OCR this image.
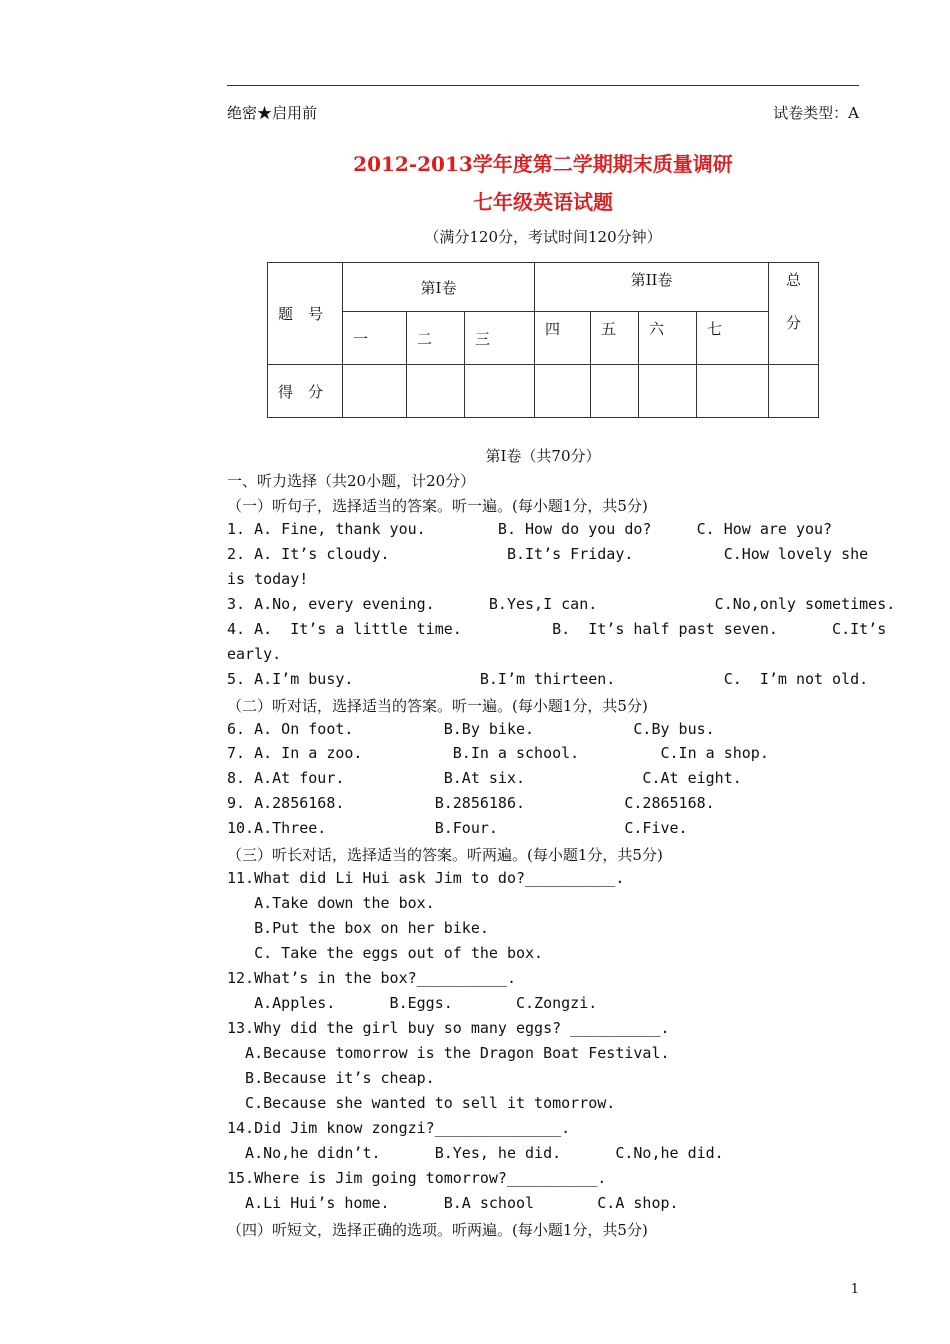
绝密★启用前	试卷类型：A
2012-2013学年度第二学期期末质量调研
七年级英语试题
（满分120分，考试时间120分钟）
题　号	第I卷			第II卷				总
分

	一	二	三	四	五	六	七	
得　分								
第I卷（共70分）
一、听力选择（共20小题，计20分）
（一）听句子，选择适当的答案。听一遍。(每小题1分，共5分)
1. A. Fine, thank you.        B. How do you do?     C. How are you?
2. A. It’s cloudy.             B.It’s Friday.          C.How lovely she
is today!
3. A.No, every evening.      B.Yes,I can.             C.No,only sometimes.
4. A.  It’s a little time.          B.  It’s half past seven.      C.It’s
early.
5. A.I’m busy.              B.I’m thirteen.            C.  I’m not old.
（二）听对话，选择适当的答案。听一遍。(每小题1分，共5分)
6. A. On foot.          B.By bike.           C.By bus.
7. A. In a zoo.          B.In a school.         C.In a shop.
8. A.At four.           B.At six.             C.At eight.
9. A.2856168.          B.2856186.           C.2865168.
10.A.Three.            B.Four.              C.Five.
（三）听长对话，选择适当的答案。听两遍。(每小题1分，共5分)
11.What did Li Hui ask Jim to do?__________.
A.Take down the box.
B.Put the box on her bike.
C. Take the eggs out of the box.
12.What’s in the box?__________.
A.Apples.      B.Eggs.       C.Zongzi.
13.Why did the girl buy so many eggs? __________.
A.Because tomorrow is the Dragon Boat Festival.
B.Because it’s cheap.
C.Because she wanted to sell it tomorrow.
14.Did Jim know zongzi?______________.
A.No,he didn’t.      B.Yes, he did.      C.No,he did.
15.Where is Jim going tomorrow?__________.
A.Li Hui’s home.      B.A school       C.A shop.
（四）听短文，选择正确的选项。听两遍。(每小题1分，共5分)
1
